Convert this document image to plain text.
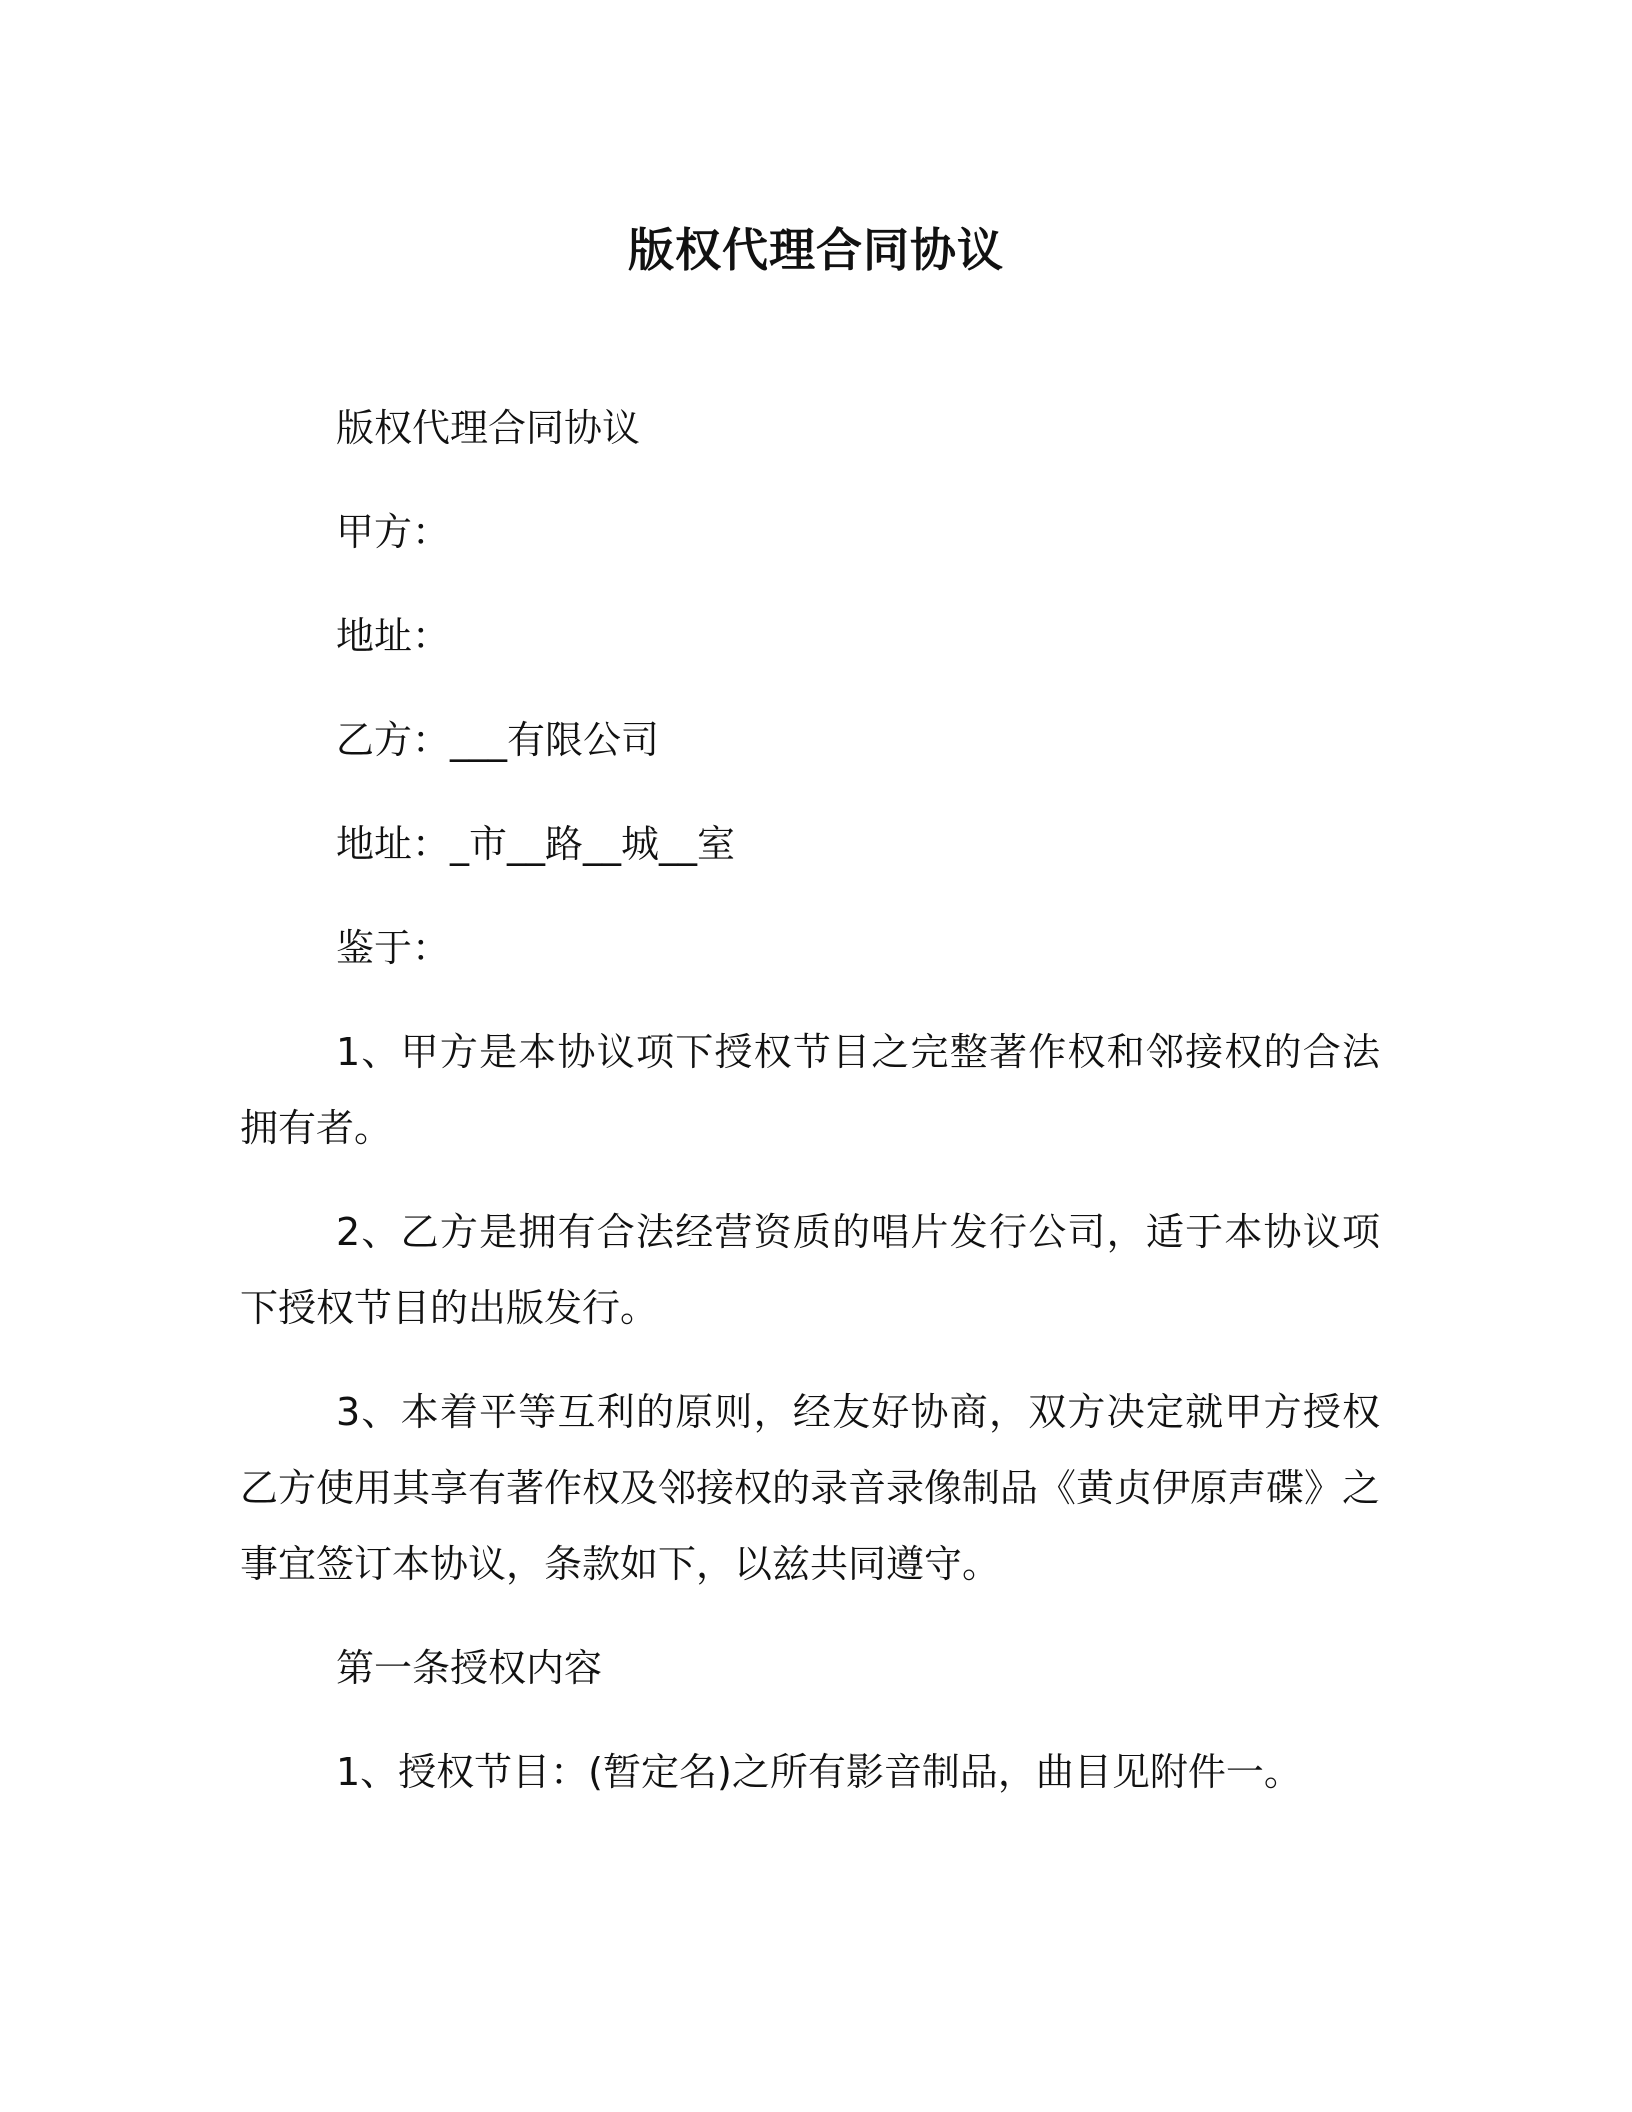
版权代理合同协议

版权代理合同协议

甲方：

地址：

乙方：___有限公司

地址：_市__路__城__室

鉴于：

1、甲方是本协议项下授权节目之完整著作权和邻接权的合法拥有者。

2、乙方是拥有合法经营资质的唱片发行公司，适于本协议项下授权节目的出版发行。

3、本着平等互利的原则，经友好协商，双方决定就甲方授权乙方使用其享有著作权及邻接权的录音录像制品《黄贞伊原声碟》之事宜签订本协议，条款如下，以兹共同遵守。

第一条授权内容

1、授权节目：(暂定名)之所有影音制品，曲目见附件一。
